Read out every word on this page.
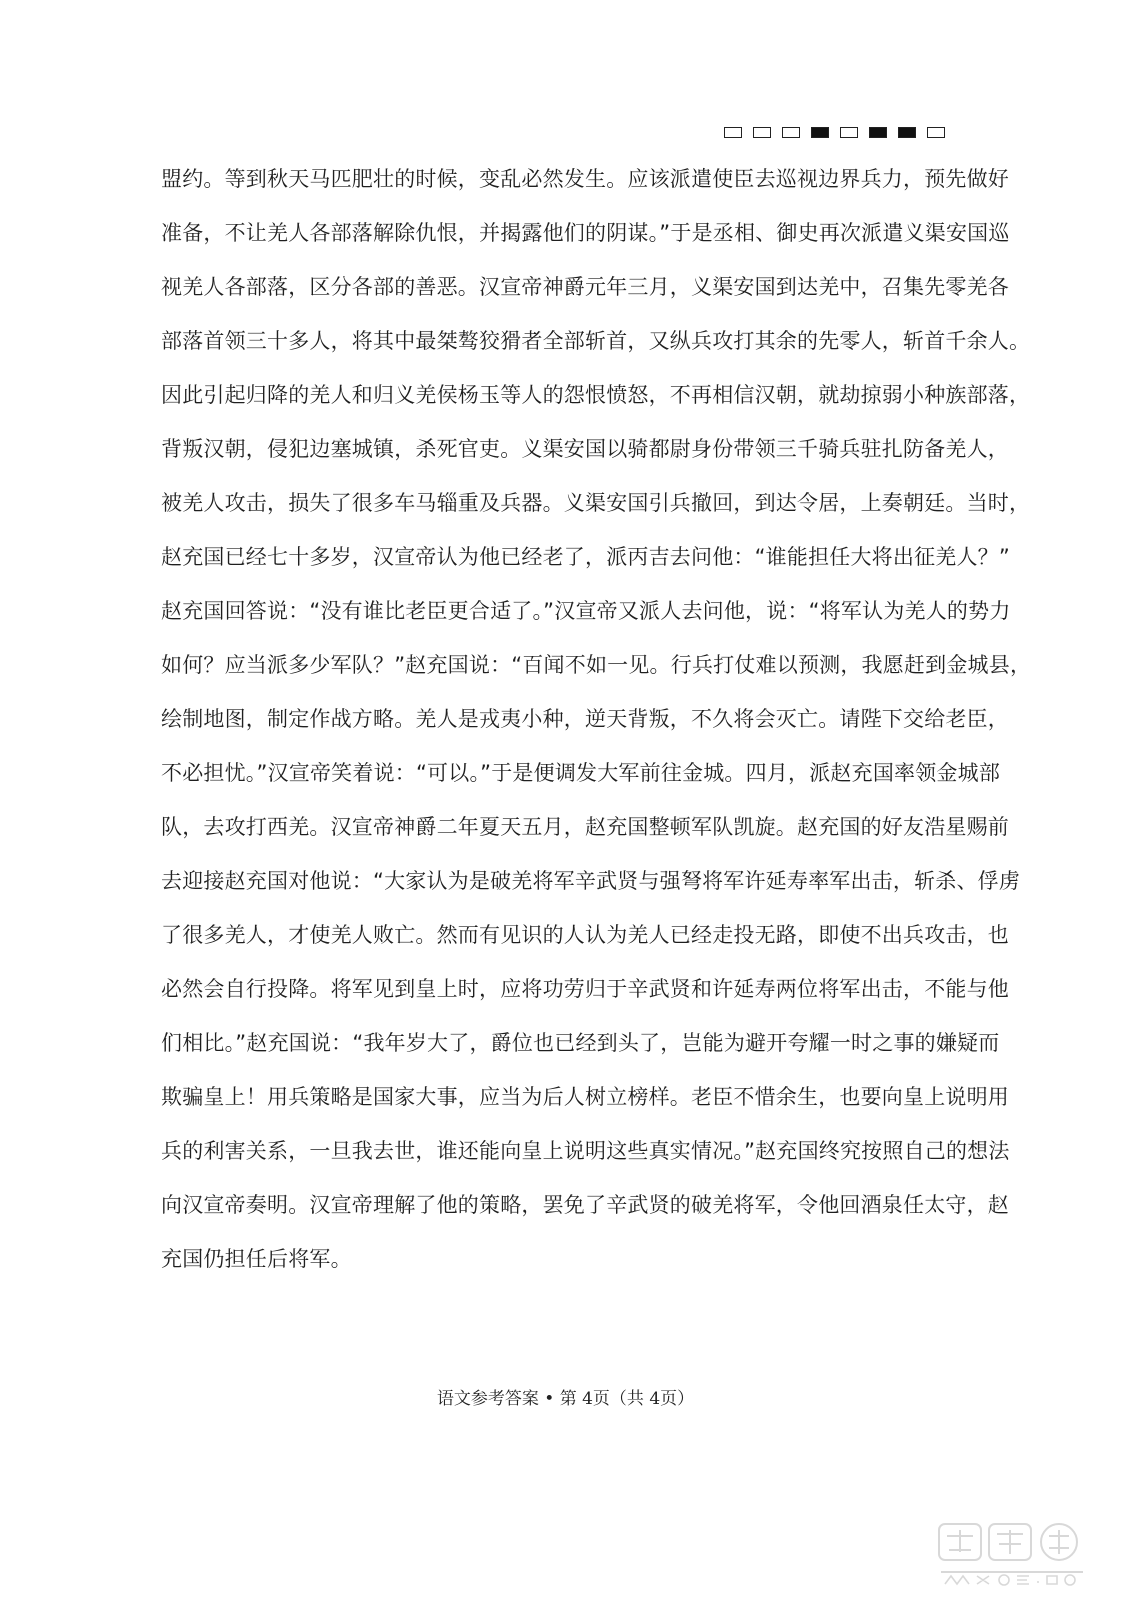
盟约。等到秋天马匹肥壮的时候，变乱必然发生。应该派遣使臣去巡视边界兵力，预先做好
准备，不让羌人各部落解除仇恨，并揭露他们的阴谋。”于是丞相、御史再次派遣义渠安国巡
视羌人各部落，区分各部的善恶。汉宣帝神爵元年三月，义渠安国到达羌中，召集先零羌各
部落首领三十多人，将其中最桀骜狡猾者全部斩首，又纵兵攻打其余的先零人，斩首千余人。
因此引起归降的羌人和归义羌侯杨玉等人的怨恨愤怒，不再相信汉朝，就劫掠弱小种族部落，
背叛汉朝，侵犯边塞城镇，杀死官吏。义渠安国以骑都尉身份带领三千骑兵驻扎防备羌人，
被羌人攻击，损失了很多车马辎重及兵器。义渠安国引兵撤回，到达令居，上奏朝廷。当时，
赵充国已经七十多岁，汉宣帝认为他已经老了，派丙吉去问他：“谁能担任大将出征羌人？”
赵充国回答说：“没有谁比老臣更合适了。”汉宣帝又派人去问他，说：“将军认为羌人的势力
如何？应当派多少军队？”赵充国说：“百闻不如一见。行兵打仗难以预测，我愿赶到金城县，
绘制地图，制定作战方略。羌人是戎夷小种，逆天背叛，不久将会灭亡。请陛下交给老臣，
不必担忧。”汉宣帝笑着说：“可以。”于是便调发大军前往金城。四月，派赵充国率领金城部
队，去攻打西羌。汉宣帝神爵二年夏天五月，赵充国整顿军队凯旋。赵充国的好友浩星赐前
去迎接赵充国对他说：“大家认为是破羌将军辛武贤与强弩将军许延寿率军出击，斩杀、俘虏
了很多羌人，才使羌人败亡。然而有见识的人认为羌人已经走投无路，即使不出兵攻击，也
必然会自行投降。将军见到皇上时，应将功劳归于辛武贤和许延寿两位将军出击，不能与他
们相比。”赵充国说：“我年岁大了，爵位也已经到头了，岂能为避开夸耀一时之事的嫌疑而
欺骗皇上！用兵策略是国家大事，应当为后人树立榜样。老臣不惜余生，也要向皇上说明用
兵的利害关系，一旦我去世，谁还能向皇上说明这些真实情况。”赵充国终究按照自己的想法
向汉宣帝奏明。汉宣帝理解了他的策略，罢免了辛武贤的破羌将军，令他回酒泉任太守，赵
充国仍担任后将军。
语文参考答案 • 第 4页（共 4页）
